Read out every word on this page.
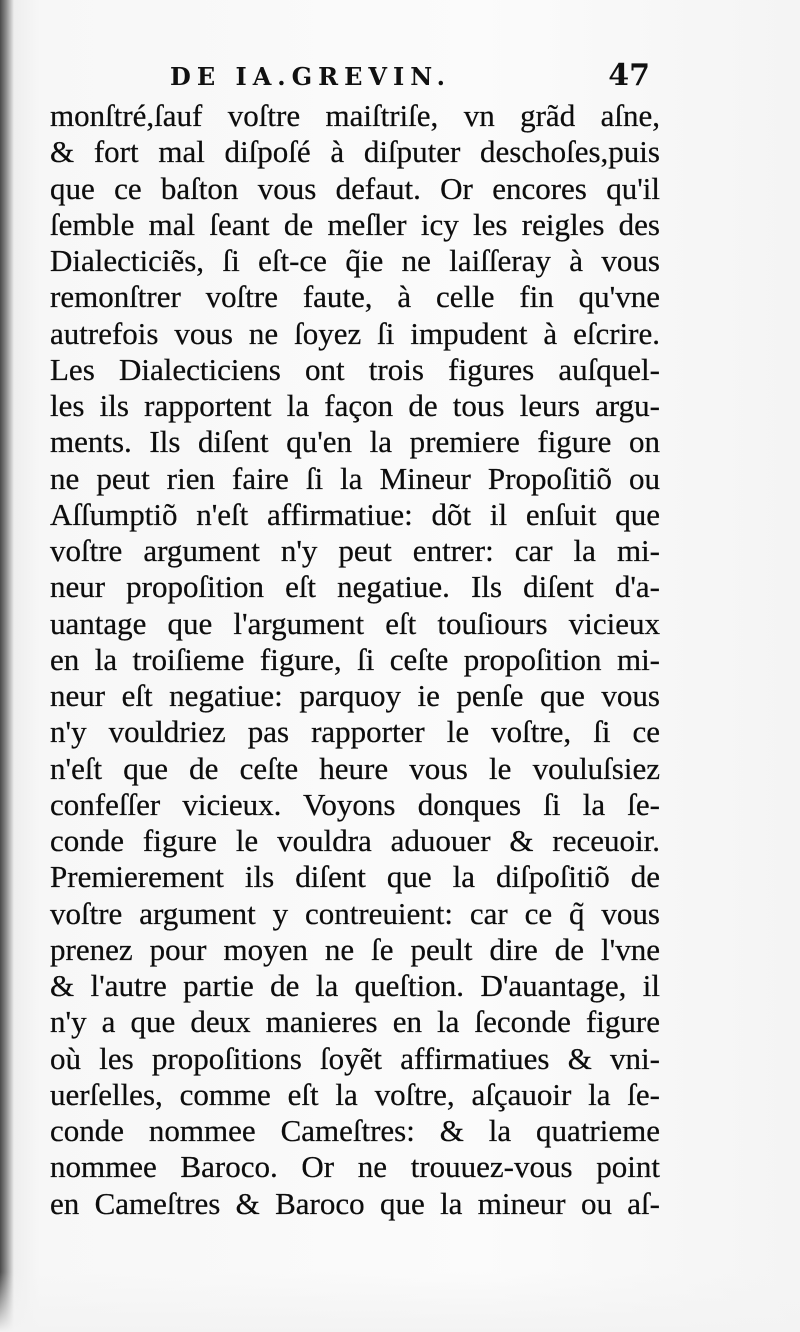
DE IA.GREVIN.	47
monſtré,ſauf voſtre maiſtriſe, vn grãd aſne,
& fort mal diſpoſé à diſputer deschoſes,puis
que ce baſton vous defaut. Or encores qu'il
ſemble mal ſeant de meſler icy les reigles des
Dialecticiẽs, ſi eſt-ce q̃ie ne laiſſeray à vous
remonſtrer voſtre faute, à celle fin qu'vne
autrefois vous ne ſoyez ſi impudent à eſcrire.
Les Dialecticiens ont trois figures auſquel-
les ils rapportent la façon de tous leurs argu-
ments. Ils diſent qu'en la premiere figure on
ne peut rien faire ſi la Mineur Propoſitiõ ou
Aſſumptiõ n'eſt affirmatiue: dõt il enſuit que
voſtre argument n'y peut entrer: car la mi-
neur propoſition eſt negatiue. Ils diſent d'a-
uantage que l'argument eſt touſiours vicieux
en la troiſieme figure, ſi ceſte propoſition mi-
neur eſt negatiue: parquoy ie penſe que vous
n'y vouldriez pas rapporter le voſtre, ſi ce
n'eſt que de ceſte heure vous le vouluſsiez
confeſſer vicieux. Voyons donques ſi la ſe-
conde figure le vouldra aduouer & receuoir.
Premierement ils diſent que la diſpoſitiõ de
voſtre argument y contreuient: car ce q̃ vous
prenez pour moyen ne ſe peult dire de l'vne
& l'autre partie de la queſtion. D'auantage, il
n'y a que deux manieres en la ſeconde figure
où les propoſitions ſoyẽt affirmatiues & vni-
uerſelles, comme eſt la voſtre, aſçauoir la ſe-
conde nommee Cameſtres: & la quatrieme
nommee Baroco. Or ne trouuez-vous point
en Cameſtres & Baroco que la mineur ou aſ-
